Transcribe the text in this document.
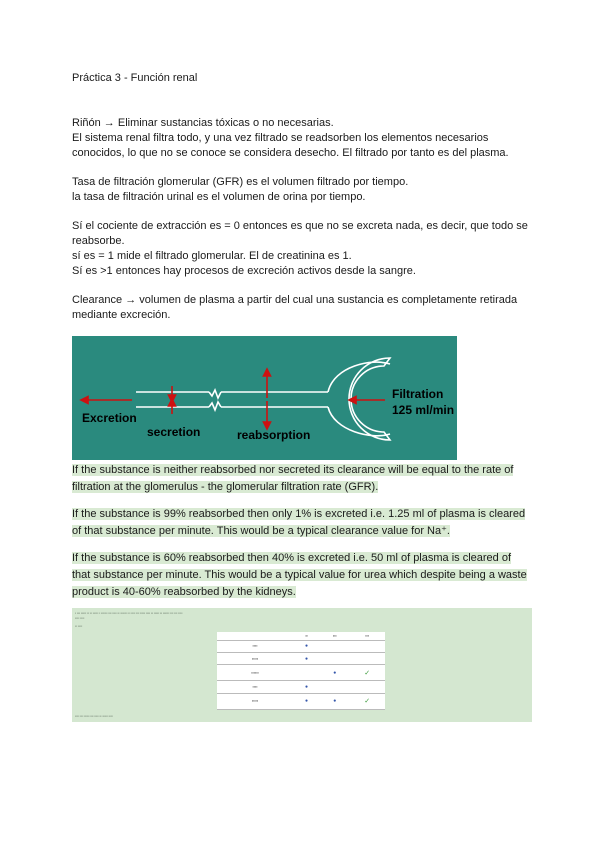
Práctica 3 - Función renal

Riñón → Eliminar sustancias tóxicas o no necesarias.
El sistema renal filtra todo, y una vez filtrado se readsorben los elementos necesarios conocidos, lo que no se conoce se considera desecho. El filtrado por tanto es del plasma.

Tasa de filtración glomerular (GFR) es el volumen filtrado por tiempo.
la tasa de filtración urinal es el volumen de orina por tiempo.

Sí el cociente de extracción es = 0 entonces es que no se excreta nada, es decir, que todo se reabsorbe.
sí es = 1 mide el filtrado glomerular. El de creatinina es 1.
Sí es >1 entonces hay procesos de excreción activos desde la sangre.

Clearance → volumen de plasma a partir del cual una sustancia es completamente retirada mediante excreción.

Excretion
secretion	reabsorption
Filtration
125 ml/min

If the substance is neither reabsorbed nor secreted its clearance will be equal to the rate of filtration at the glomerulus - the glomerular filtration rate (GFR).

If the substance is 99% reabsorbed then only 1% is excreted i.e. 1.25 ml of plasma is cleared of that substance per minute. This would be a typical clearance value for Na⁺.

If the substance is 60% reabsorbed then 40% is excreted i.e. 50 ml of plasma is cleared of that substance per minute. This would be a typical value for urea which despite being a waste product is 40-60% reabsorbed by the kidneys.

▪ ▪▪▪ ▪▪▪▪▪ ▪▪ ▪▪ ▪▪▪▪▪ ▪ ▪▪▪▪▪▪ ▪▪▪ ▪▪▪▪ ▪▪ ▪▪▪▪▪▪ ▪▪ ▪▪▪▪ ▪▪▪ ▪▪▪▪▪ ▪▪▪▪ ▪▪ ▪▪▪▪▪ ▪▪ ▪▪▪▪▪▪ ▪▪▪ ▪▪▪ ▪▪▪▪
▪▪▪▪ ▪▪▪▪
▪▪ ▪▪▪▪
	▪▪	▪▪▪	▪▪▪
▪▪▪▪	●		
▪▪▪▪▪	●		
▪▪▪▪▪▪		●	✓
▪▪▪▪	●		
▪▪▪▪▪	●	●	✓
▪▪▪▪ ▪▪▪ ▪▪▪▪▪ ▪▪▪ ▪▪▪▪ ▪▪ ▪▪▪▪▪ ▪▪▪▪
